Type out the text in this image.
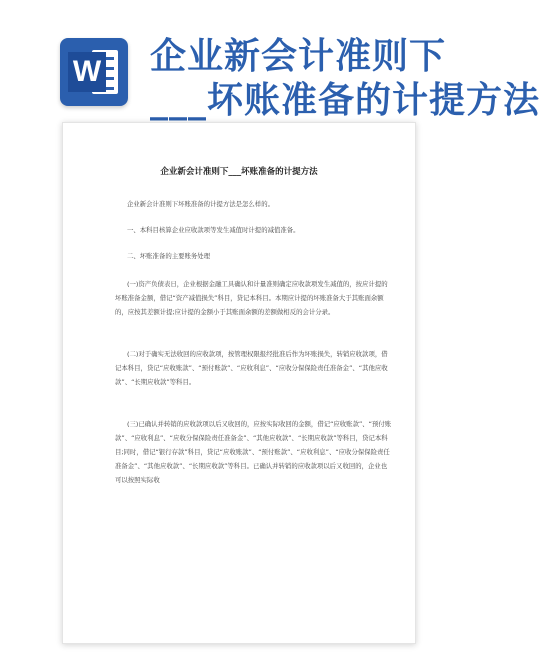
W 企业新会计准则下
___坏账准备的计提方法
企业新会计准则下___坏账准备的计提方法
企业新会计准则下坏账准备的计提方法是怎么样的。
一、本科目核算企业应收款项等发生减值时计提的减值准备。
二、坏账准备的主要账务处理
(一)资产负债表日，企业根据金融工具确认和计量准则确定应收款项发生减值的，按应计提的坏账准备金额，借记“资产减值损失”科目，贷记本科目。本期应计提的坏账准备大于其账面余额的，应按其差额计提;应计提的金额小于其账面余额的差额做相反的会计分录。
(二)对于确实无法收回的应收款项，按管理权限报经批准后作为坏账损失，转销应收款项，借记本科目，贷记“应收账款”、“预付账款”、“应收利息”、“应收分保保险责任准备金”、“其他应收款”、“长期应收款”等科目。
(三)已确认并转销的应收款项以后又收回的，应按实际收回的金额，借记“应收账款”、“预付账款”、“应收利息”、“应收分保保险责任准备金”、“其他应收款”、“长期应收款”等科目，贷记本科目;同时，借记“银行存款”科目，贷记“应收账款”、“预付账款”、“应收利息”、“应收分保保险责任准备金”、“其他应收款”、“长期应收款”等科目。已确认并转销的应收款项以后又收回的，企业也可以按照实际收
